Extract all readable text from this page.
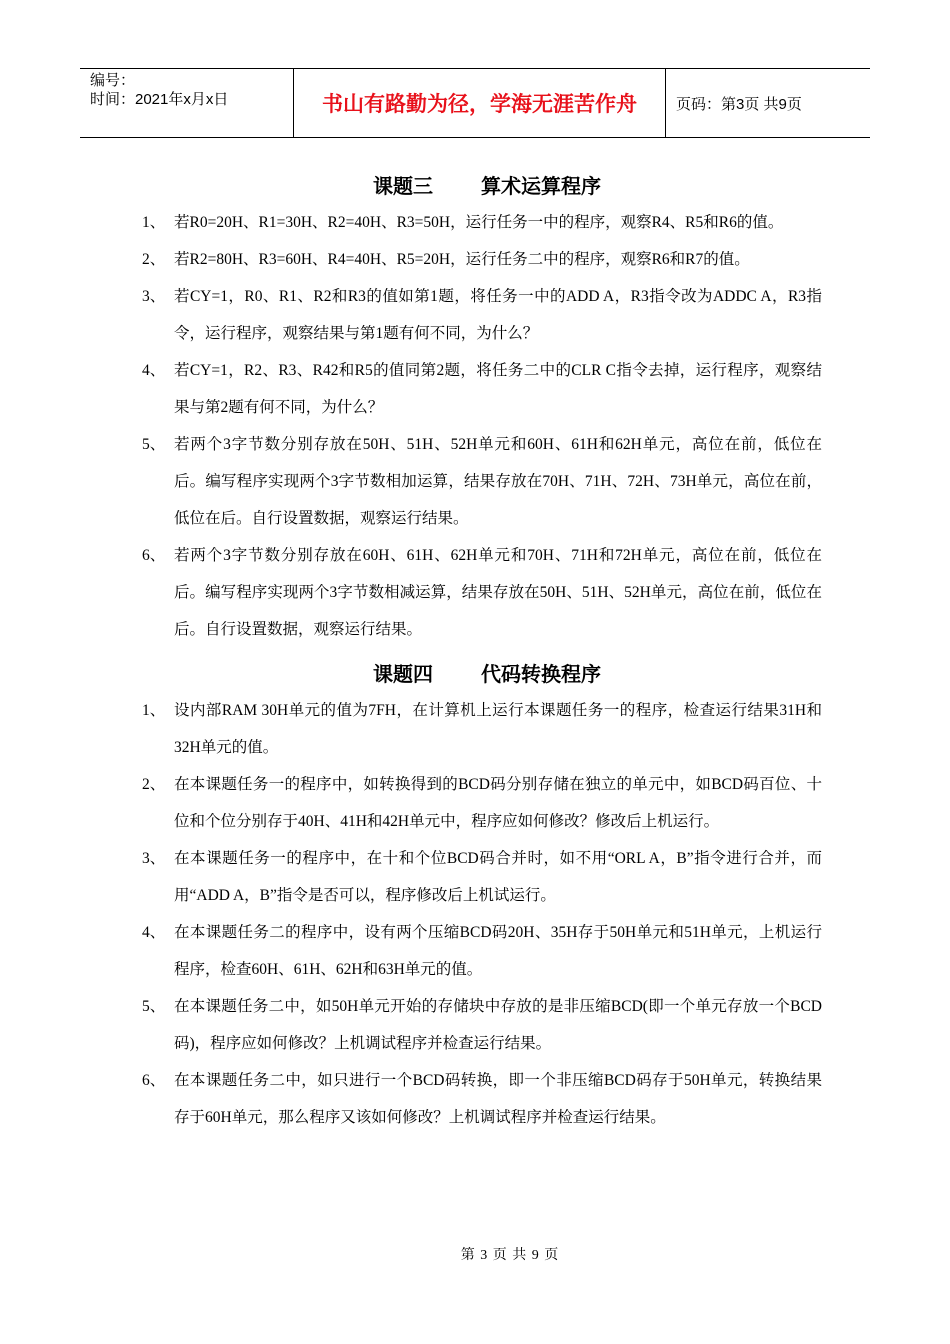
编号：
时间：2021年x月x日	书山有路勤为径，学海无涯苦作舟	页码：第3页 共9页
课题三 算术运算程序
1、 若R0=20H、R1=30H、R2=40H、R3=50H，运行任务一中的程序，观察R4、R5和R6的值。
2、 若R2=80H、R3=60H、R4=40H、R5=20H，运行任务二中的程序，观察R6和R7的值。
3、 若CY=1，R0、R1、R2和R3的值如第1题，将任务一中的ADD A，R3指令改为ADDC A，R3指令，运行程序，观察结果与第1题有何不同，为什么？
4、 若CY=1，R2、R3、R42和R5的值同第2题，将任务二中的CLR C指令去掉，运行程序，观察结果与第2题有何不同，为什么？
5、 若两个3字节数分别存放在50H、51H、52H单元和60H、61H和62H单元，高位在前，低位在后。编写程序实现两个3字节数相加运算，结果存放在70H、71H、72H、73H单元，高位在前，低位在后。自行设置数据，观察运行结果。
6、 若两个3字节数分别存放在60H、61H、62H单元和70H、71H和72H单元，高位在前，低位在后。编写程序实现两个3字节数相减运算，结果存放在50H、51H、52H单元，高位在前，低位在后。自行设置数据，观察运行结果。
课题四 代码转换程序
1、 设内部RAM 30H单元的值为7FH，在计算机上运行本课题任务一的程序，检查运行结果31H和32H单元的值。
2、 在本课题任务一的程序中，如转换得到的BCD码分别存储在独立的单元中，如BCD码百位、十位和个位分别存于40H、41H和42H单元中，程序应如何修改？修改后上机运行。
3、 在本课题任务一的程序中，在十和个位BCD码合并时，如不用“ORL A，B”指令进行合并，而用“ADD A，B”指令是否可以，程序修改后上机试运行。
4、 在本课题任务二的程序中，设有两个压缩BCD码20H、35H存于50H单元和51H单元，上机运行程序，检查60H、61H、62H和63H单元的值。
5、 在本课题任务二中，如50H单元开始的存储块中存放的是非压缩BCD(即一个单元存放一个BCD码)，程序应如何修改？上机调试程序并检查运行结果。
6、 在本课题任务二中，如只进行一个BCD码转换，即一个非压缩BCD码存于50H单元，转换结果存于60H单元，那么程序又该如何修改？上机调试程序并检查运行结果。
第 3 页 共 9 页
